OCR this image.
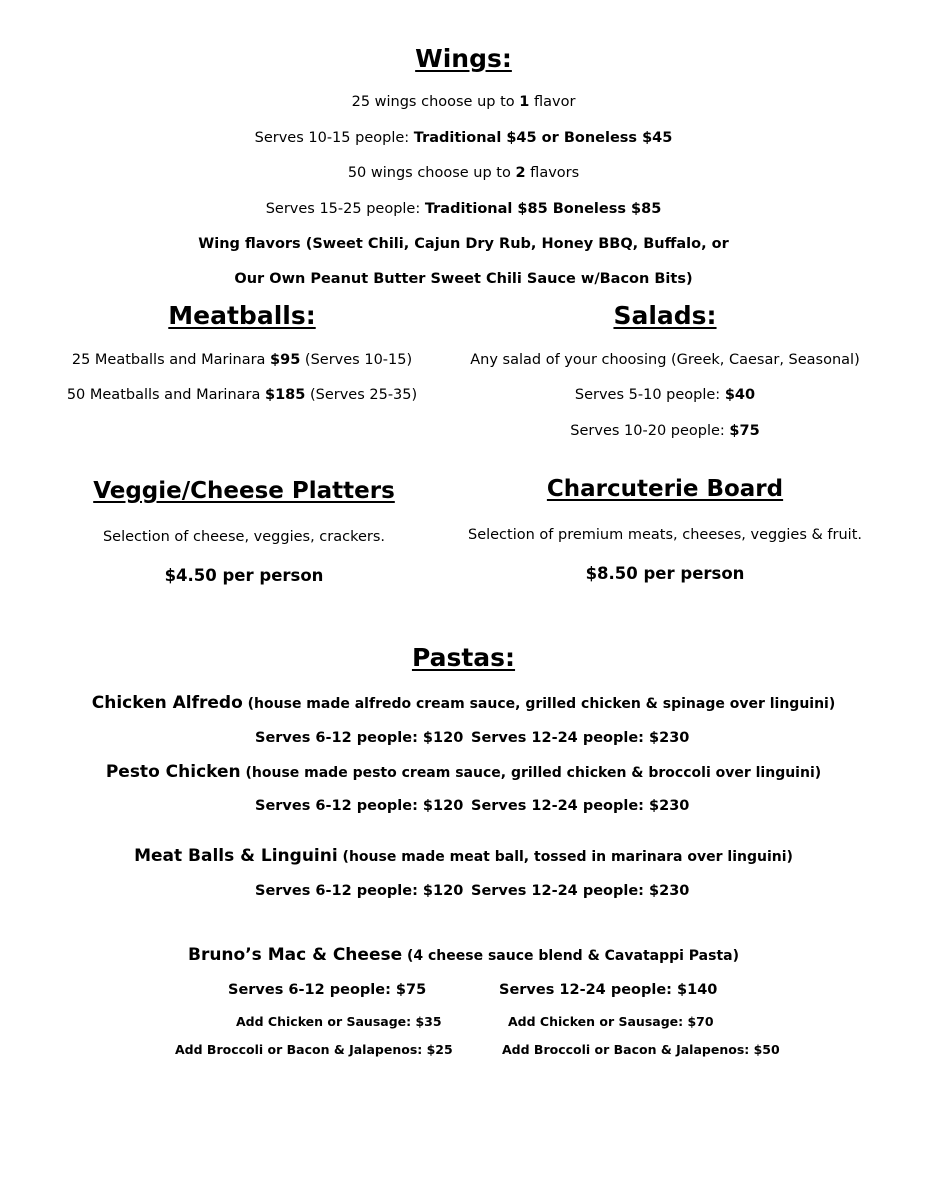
Wings:
25 wings choose up to 1 flavor
Serves 10-15 people: Traditional $45 or Boneless $45
50 wings choose up to 2 flavors
Serves 15-25 people: Traditional $85 Boneless $85
Wing flavors (Sweet Chili, Cajun Dry Rub, Honey BBQ, Buffalo, or
Our Own Peanut Butter Sweet Chili Sauce w/Bacon Bits)
Meatballs:
25 Meatballs and Marinara $95 (Serves 10-15)
50 Meatballs and Marinara $185 (Serves 25-35)
Salads:
Any salad of your choosing (Greek, Caesar, Seasonal)
Serves 5-10 people: $40
Serves 10-20 people: $75
Veggie/Cheese Platters
Selection of cheese, veggies, crackers.
$4.50 per person
Charcuterie Board
Selection of premium meats, cheeses, veggies & fruit.
$8.50 per person
Pastas:
Chicken Alfredo (house made alfredo cream sauce, grilled chicken & spinage over linguini)
Serves 6-12 people: $120 Serves 12-24 people: $230
Pesto Chicken (house made pesto cream sauce, grilled chicken & broccoli over linguini)
Serves 6-12 people: $120 Serves 12-24 people: $230
Meat Balls & Linguini (house made meat ball, tossed in marinara over linguini)
Serves 6-12 people: $120 Serves 12-24 people: $230
Bruno’s Mac & Cheese (4 cheese sauce blend & Cavatappi Pasta)
Serves 6-12 people: $75	Serves 12-24 people: $140
Add Chicken or Sausage: $35	Add Chicken or Sausage: $70
Add Broccoli or Bacon & Jalapenos: $25	Add Broccoli or Bacon & Jalapenos: $50
